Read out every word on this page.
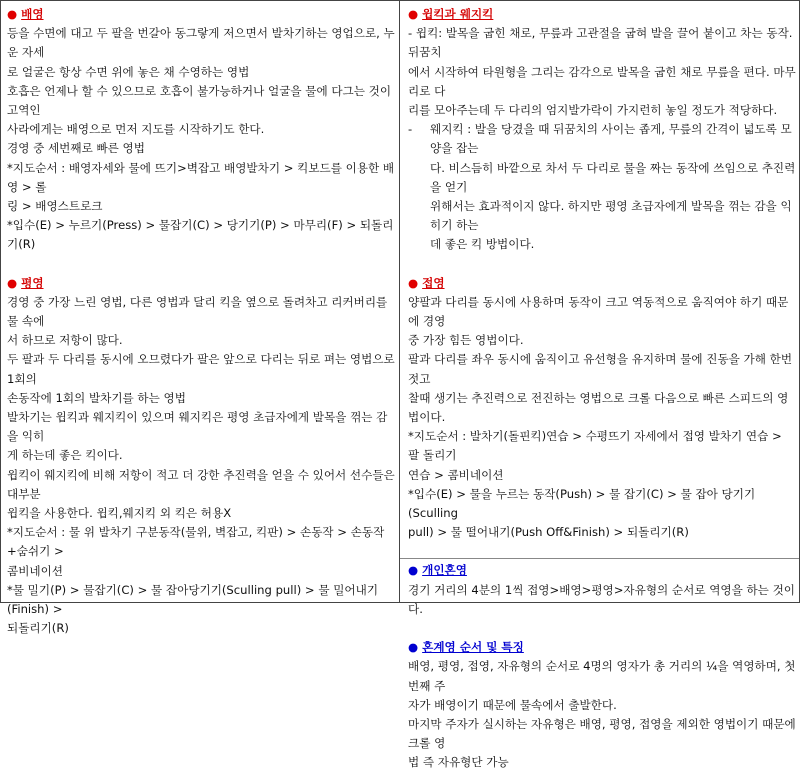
● 배영

등을 수면에 대고 두 팔을 번갈아 동그랗게 저으면서 발차기하는 영업으로, 누운 자세

로 얼굴은 항상 수면 위에 놓은 채 수영하는 영법

호흡은 언제나 할 수 있으므로 호흡이 불가능하거나 얼굴을 물에 다그는 것이 고역인

사라에게는 배영으로 먼저 지도를 시작하기도 한다.

경영 중 세번째로 빠른 영법

*지도순서 : 배영자세와 물에 뜨기>벽잡고 배영발차기 > 킥보드를 이용한 배영 > 롤

링 > 배영스트로크

*입수(E) > 누르기(Press) > 물잡기(C) > 당기기(P) > 마무리(F) > 되돌리기(R)

● 평영

경영 중 가장 느린 영법, 다른 영법과 달리 킥을 옆으로 돌려차고 리커버리를 물 속에

서 하므로 저항이 많다.

두 팔과 두 다리를 동시에 오므렸다가 팔은 앞으로 다리는 뒤로 펴는 영법으로 1회의

손동작에 1회의 발차기를 하는 영법

발차기는 윕킥과 웨지킥이 있으며 웨지킥은 평영 초급자에게 발목을 꺾는 감을 익히

게 하는데 좋은 킥이다.

윕킥이 웨지킥에 비해 저항이 적고 더 강한 추진력을 얻을 수 있어서 선수들은 대부분

윕킥을 사용한다. 윕킥,웨지킥 외 킥은 허용X

*지도순서 : 물 위 발차기 구분동작(물위, 벽잡고, 킥판) > 손동작 > 손동작+숨쉬기 >

콤비네이션

*물 밀기(P) > 물잡기(C) > 물 잡아당기기(Sculling pull) > 물 밀어내기(Finish) >

되돌리기(R)

● 윕킥과 웨지킥

- 윕킥: 발목을 굽힌 채로, 무릎과 고관절을 굽혀 발을 끌어 붙이고 차는 동작. 뒤꿈치

에서 시작하여 타원형을 그리는 감각으로 발목을 굽힌 채로 무릎을 편다. 마무리로 다

리를 모아주는데 두 다리의 엄지발가락이 가지런히 놓일 정도가 적당하다.

- 웨지킥 : 발을 당겼을 때 뒤꿈치의 사이는 좁게, 무릎의 간격이 넓도록 모양을 잡는

다. 비스듬히 바깥으로 차서 두 다리로 물을 짜는 동작에 쓰임으로 추진력을 얻기

위해서는 효과적이지 않다. 하지만 평영 초급자에게 발목을 꺾는 감을 익히기 하는

데 좋은 킥 방법이다.

● 접영

양팔과 다리를 동시에 사용하며 동작이 크고 역동적으로 움직여야 하기 때문에 경영

중 가장 힘든 영법이다.

팔과 다리를 좌우 동시에 움직이고 유선형을 유지하며 물에 진동을 가해 한번 젓고

찰때 생기는 추진력으로 전진하는 영법으로 크롤 다음으로 빠른 스피드의 영법이다.

*지도순서 : 발차기(돌핀킥)연습 > 수평뜨기 자세에서 접영 발차기 연습 > 팔 돌리기

연습 > 콤비네이션

*입수(E) > 물을 누르는 동작(Push) > 물 잡기(C) > 물 잡아 당기기(Sculling

pull) > 물 떨어내기(Push Off&Finish) > 되돌리기(R)

● 개인혼영

경기 거리의 4분의 1씩 접영>배영>평영>자유형의 순서로 역영을 하는 것이다.

● 혼계영 순서 및 특징

배영, 평영, 접영, 자유형의 순서로 4명의 영자가 총 거리의 ¼을 역영하며, 첫번째 주

자가 배영이기 때문에 물속에서 출발한다.

마지막 주자가 실시하는 자유형은 배영, 평영, 접영을 제외한 영법이기 때문에 크롤 영

법 즉 자유형단 가능
